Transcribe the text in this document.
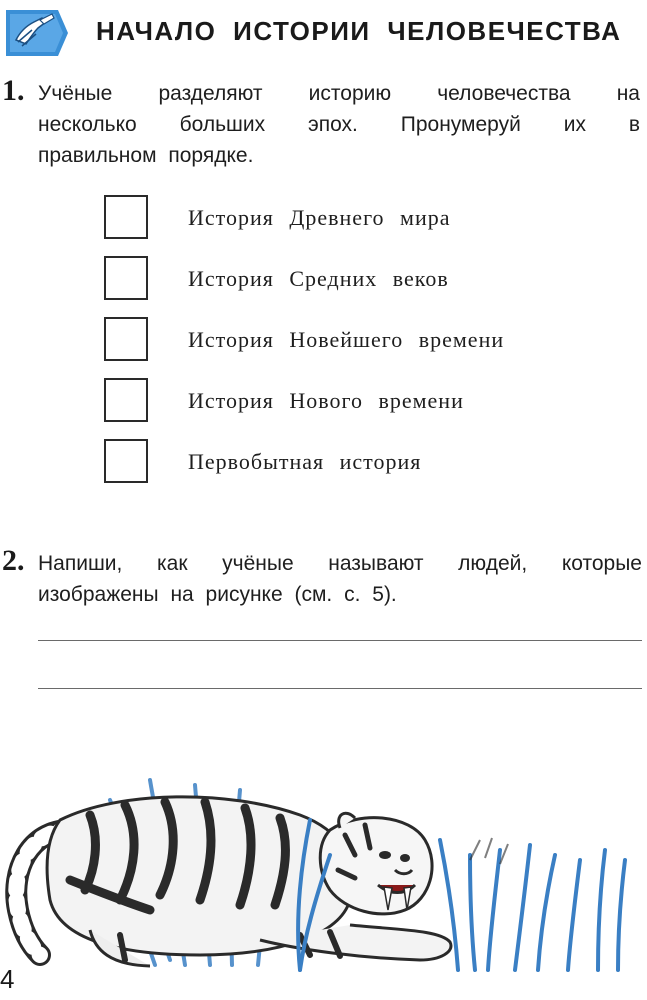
НАЧАЛО ИСТОРИИ ЧЕЛОВЕЧЕСТВА
1. Учёные разделяют историю человечества на
несколько больших эпох. Пронумеруй их в
правильном порядке.
История Древнего мира
История Средних веков
История Новейшего времени
История Нового времени
Первобытная история
2. Напиши, как учёные называют людей, которые
изображены на рисунке (см. с. 5).
4
